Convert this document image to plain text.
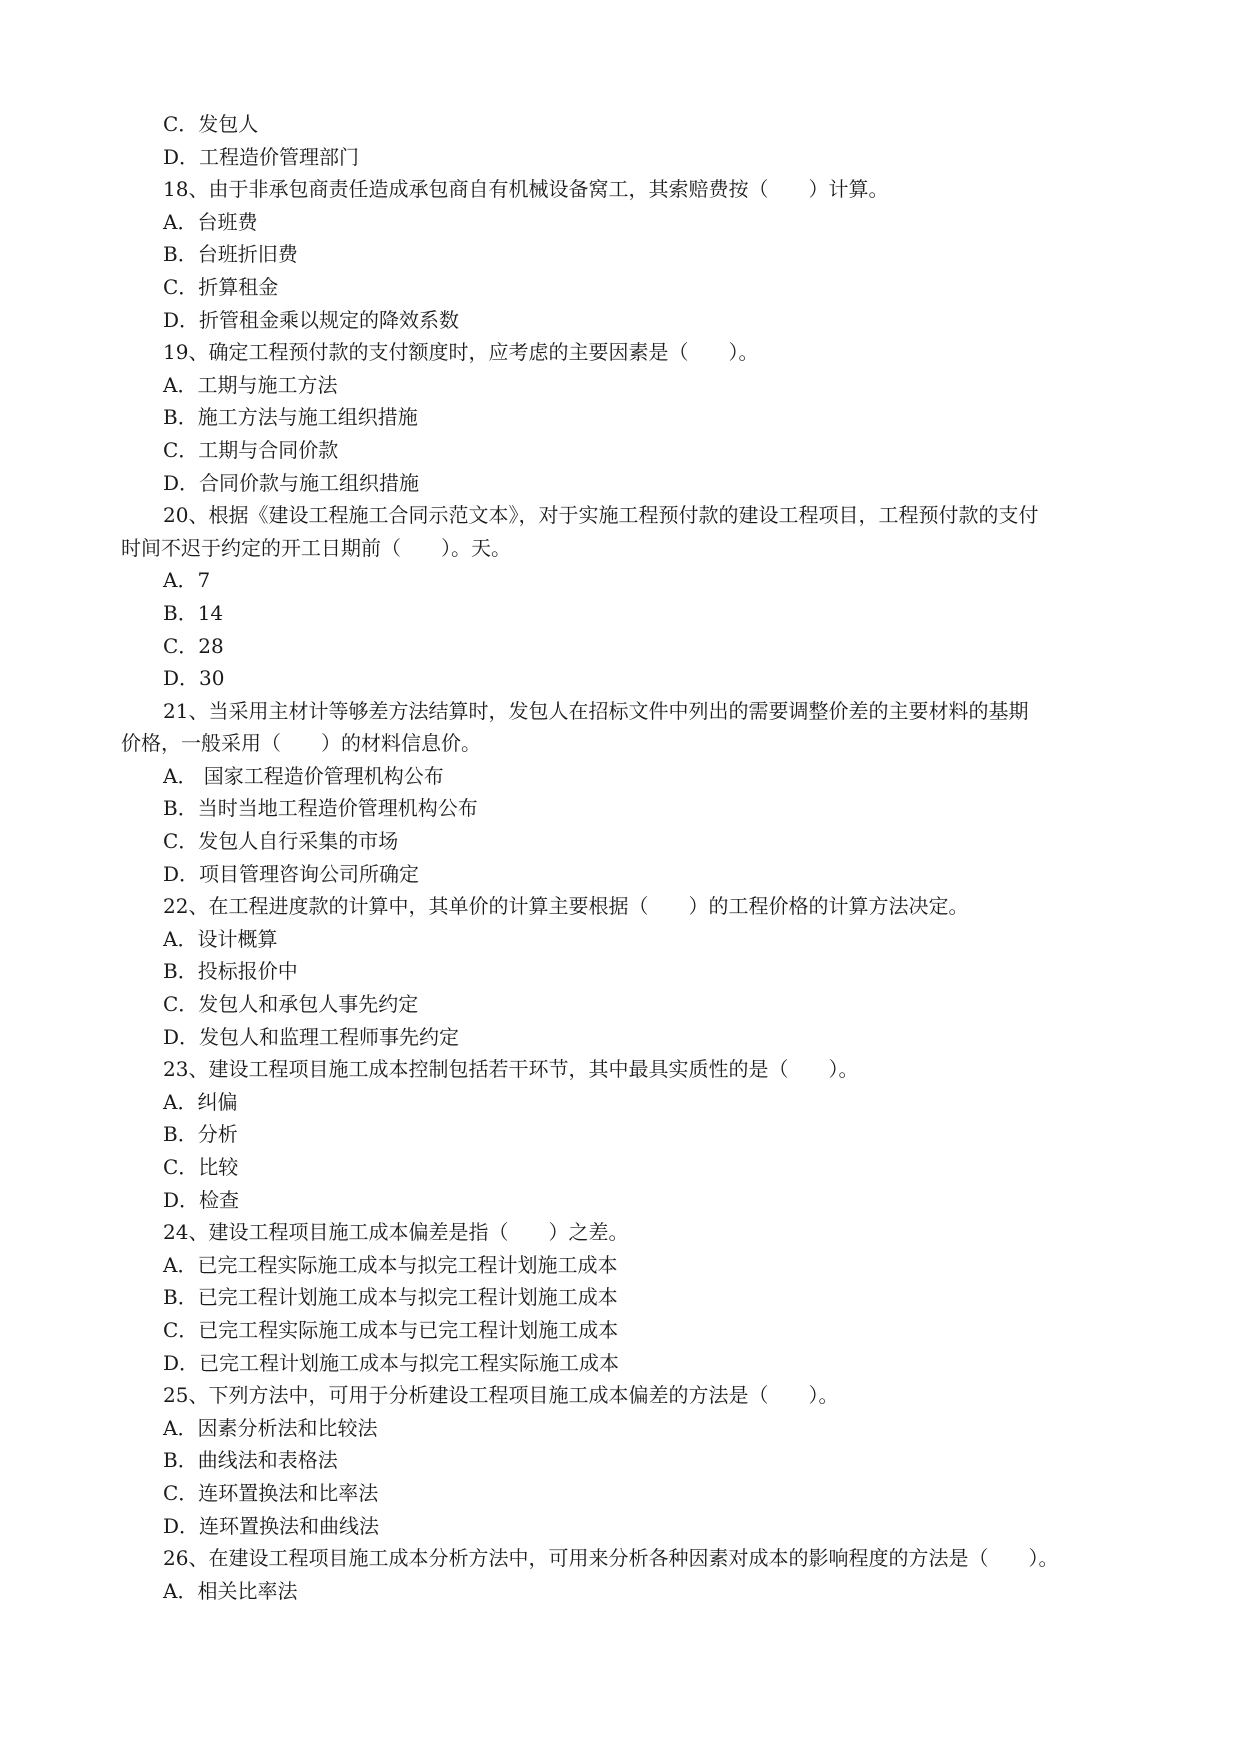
C．发包人
D．工程造价管理部门
18、由于非承包商责任造成承包商自有机械设备窝工，其索赔费按（　　）计算。
A．台班费
B．台班折旧费
C．折算租金
D．折管租金乘以规定的降效系数
19、确定工程预付款的支付额度时，应考虑的主要因素是（　　）。
A．工期与施工方法
B．施工方法与施工组织措施
C．工期与合同价款
D．合同价款与施工组织措施
20、根据《建设工程施工合同示范文本》，对于实施工程预付款的建设工程项目，工程预付款的支付
时间不迟于约定的开工日期前（　　）。天。
A．7
B．14
C．28
D．30
21、当采用主材计等够差方法结算时，发包人在招标文件中列出的需要调整价差的主要材料的基期
价格，一般采用（　　）的材料信息价。
A． 国家工程造价管理机构公布
B．当时当地工程造价管理机构公布
C．发包人自行采集的市场
D．项目管理咨询公司所确定
22、在工程进度款的计算中，其单价的计算主要根据（　　）的工程价格的计算方法决定。
A．设计概算
B．投标报价中
C．发包人和承包人事先约定
D．发包人和监理工程师事先约定
23、建设工程项目施工成本控制包括若干环节，其中最具实质性的是（　　）。
A．纠偏
B．分析
C．比较
D．检查
24、建设工程项目施工成本偏差是指（　　）之差。
A．已完工程实际施工成本与拟完工程计划施工成本
B．已完工程计划施工成本与拟完工程计划施工成本
C．已完工程实际施工成本与已完工程计划施工成本
D．已完工程计划施工成本与拟完工程实际施工成本
25、下列方法中，可用于分析建设工程项目施工成本偏差的方法是（　　）。
A．因素分析法和比较法
B．曲线法和表格法
C．连环置换法和比率法
D．连环置换法和曲线法
26、在建设工程项目施工成本分析方法中，可用来分析各种因素对成本的影响程度的方法是（　　）。
A．相关比率法
